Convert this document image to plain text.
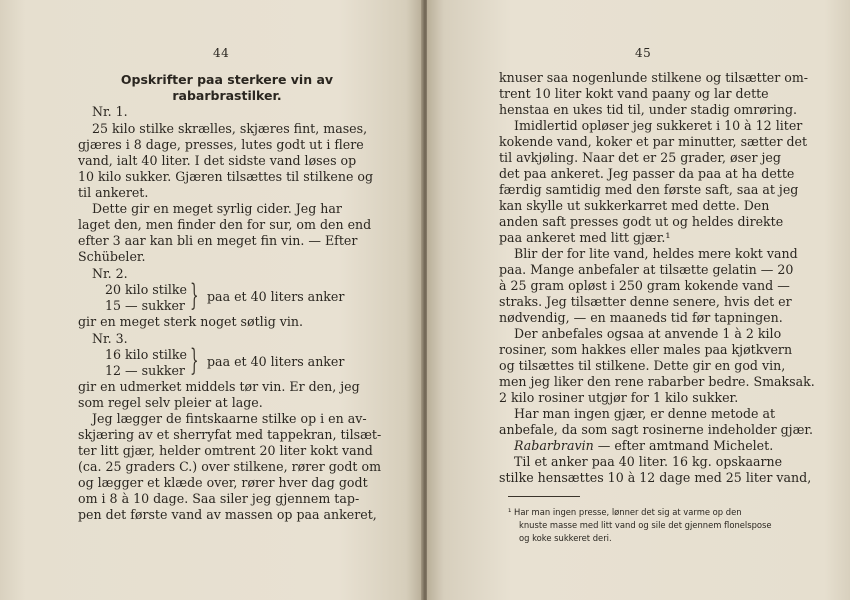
44
Opskrifter paa sterkere vin av
rabarbrastilker.
Nr. 1.
25 kilo stilke skrælles, skjæres fint, mases,
gjæres i 8 dage, presses, lutes godt ut i flere
vand, ialt 40 liter. I det sidste vand løses op
10 kilo sukker. Gjæren tilsættes til stilkene og
til ankeret.
Dette gir en meget syrlig cider. Jeg har
laget den, men finder den for sur, om den end
efter 3 aar kan bli en meget fin vin. — Efter
Schübeler.
Nr. 2.
20 kilo stilke
15 — sukker } paa et 40 liters anker
gir en meget sterk noget søtlig vin.
Nr. 3.
16 kilo stilke
12 — sukker } paa et 40 liters anker
gir en udmerket middels tør vin. Er den, jeg
som regel selv pleier at lage.
Jeg lægger de fintskaarne stilke op i en av-
skjæring av et sherryfat med tappekran, tilsæt-
ter litt gjær, helder omtrent 20 liter kokt vand
(ca. 25 graders C.) over stilkene, rører godt om
og lægger et klæde over, rører hver dag godt
om i 8 à 10 dage. Saa siler jeg gjennem tap-
pen det første vand av massen op paa ankeret,
45
knuser saa nogenlunde stilkene og tilsætter om-
trent 10 liter kokt vand paany og lar dette
henstaa en ukes tid til, under stadig omrøring.
Imidlertid opløser jeg sukkeret i 10 à 12 liter
kokende vand, koker et par minutter, sætter det
til avkjøling. Naar det er 25 grader, øser jeg
det paa ankeret. Jeg passer da paa at ha dette
færdig samtidig med den første saft, saa at jeg
kan skylle ut sukkerkarret med dette. Den
anden saft presses godt ut og heldes direkte
paa ankeret med litt gjær.¹
Blir der for lite vand, heldes mere kokt vand
paa. Mange anbefaler at tilsætte gelatin — 20
à 25 gram opløst i 250 gram kokende vand —
straks. Jeg tilsætter denne senere, hvis det er
nødvendig, — en maaneds tid før tapningen.
Der anbefales ogsaa at anvende 1 à 2 kilo
rosiner, som hakkes eller males paa kjøtkvern
og tilsættes til stilkene. Dette gir en god vin,
men jeg liker den rene rabarber bedre. Smaksak.
2 kilo rosiner utgjør for 1 kilo sukker.
Har man ingen gjær, er denne metode at
anbefale, da som sagt rosinerne indeholder gjær.
Rabarbravin — efter amtmand Michelet.
Til et anker paa 40 liter. 16 kg. opskaarne
stilke hensættes 10 à 12 dage med 25 liter vand,
¹ Har man ingen presse, lønner det sig at varme op den
knuste masse med litt vand og sile det gjennem flonelspose
og koke sukkeret deri.
